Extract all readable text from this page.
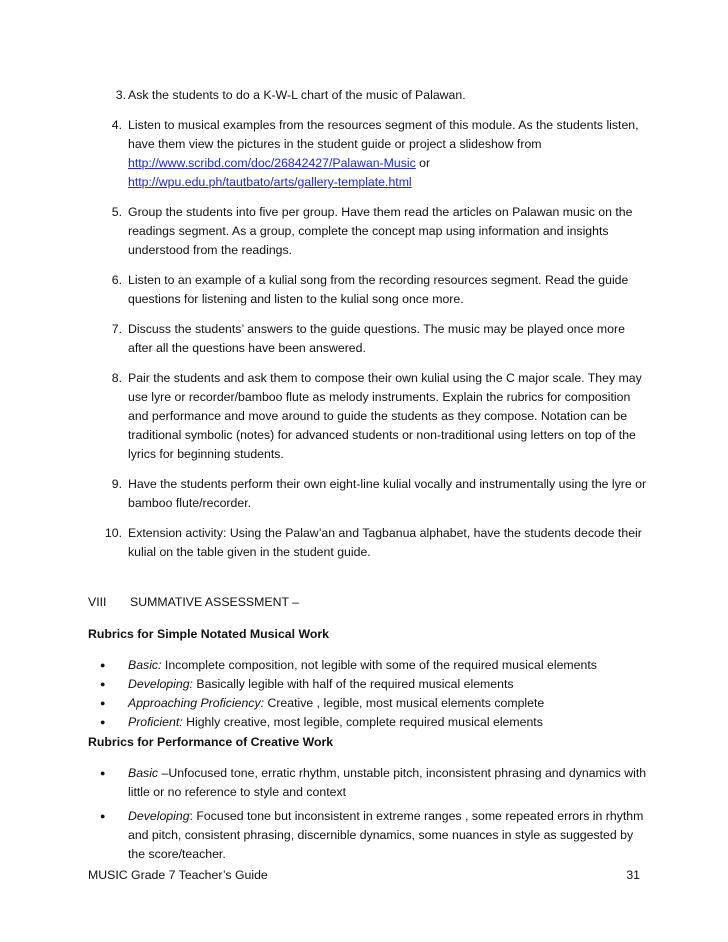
3 . Ask the students to do a K-W-L chart of the music of Palawan.
4 . Listen to musical examples from the resources segment of this module. As the students listen, have them view the pictures in the student guide or project a slideshow from
http://www.scribd.com/doc/26842427/Palawan-Music or
http://wpu.edu.ph/tautbato/arts/gallery-template.html
5 . Group the students into five per group. Have them read the articles on Palawan music on the readings segment. As a group, complete the concept map using information and insights understood from the readings.
6 . Listen to an example of a kulial song from the recording resources segment. Read the guide questions for listening and listen to the kulial song once more.
7 . Discuss the students’ answers to the guide questions. The music may be played once more after all the questions have been answered.
8 . Pair the students and ask them to compose their own kulial using the C major scale. They may use lyre or recorder/bamboo flute as melody instruments. Explain the rubrics for composition and performance and move around to guide the students as they compose. Notation can be traditional symbolic (notes) for advanced students or non-traditional using letters on top of the lyrics for beginning students.
9 . Have the students perform their own eight-line kulial vocally and instrumentally using the lyre or bamboo flute/recorder.
10 . Extension activity: Using the Palaw’an and Tagbanua alphabet, have the students decode their kulial on the table given in the student guide.
VIII SUMMATIVE ASSESSMENT –
Rubrics for Simple Notated Musical Work
● Basic: Incomplete composition, not legible with some of the required musical elements
● Developing: Basically legible with half of the required musical elements
● Approaching Proficiency: Creative , legible, most musical elements complete
● Proficient: Highly creative, most legible, complete required musical elements
Rubrics for Performance of Creative Work
● Basic –Unfocused tone, erratic rhythm, unstable pitch, inconsistent phrasing and dynamics with little or no reference to style and context
● Developing: Focused tone but inconsistent in extreme ranges , some repeated errors in rhythm and pitch, consistent phrasing, discernible dynamics, some nuances in style as suggested by the score/teacher.
MUSIC Grade 7 Teacher’s Guide	31
